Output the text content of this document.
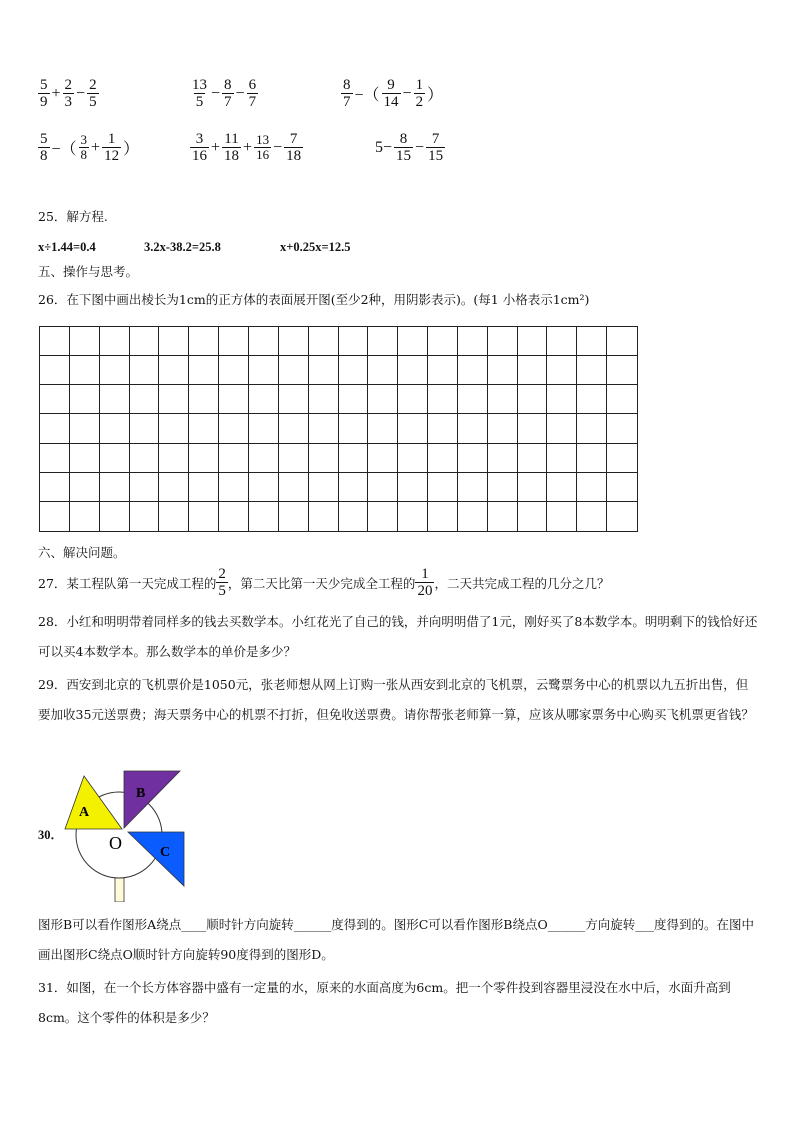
$\frac{5}{9} + \frac{2}{3} - \frac{2}{5}$	$\frac{13}{5} - \frac{8}{7} - \frac{6}{7}$	$\frac{8}{7}$ −（ $\frac{9}{14} - \frac{1}{2}$ ）
$\frac{5}{8}$ −（ $\frac{3}{8} + \frac{1}{12}$ ）	$\frac{3}{16} + \frac{11}{18} + \frac{13}{16} - \frac{7}{18}$	$5- \frac{8}{15} - \frac{7}{15}$
25．解方程.
x÷1.44=0.4	3.2x-38.2=25.8	x+0.25x=12.5
五、操作与思考。
26．在下图中画出棱长为1cm的正方体的表面展开图(至少2种，用阴影表示)。(每1 小格表示1cm²)
六、解决问题。
27．某工程队第一天完成工程的 $\frac{2}{5}$ ，第二天比第一天少完成全工程的 $\frac{1}{20}$ ，二天共完成工程的几分之几？
28．小红和明明带着同样多的钱去买数学本。小红花光了自己的钱，并向明明借了1元，刚好买了8本数学本。明明剩下的钱恰好还可以买4本数学本。那么数学本的单价是多少？
29．西安到北京的飞机票价是1050元，张老师想从网上订购一张从西安到北京的飞机票，云鹭票务中心的机票以九五折出售，但要加收35元送票费；海天票务中心的机票不打折，但免收送票费。请你帮张老师算一算，应该从哪家票务中心购买飞机票更省钱？
30．
A
B
C
O
图形B可以看作图形A绕点____顺时针方向旋转______度得到的。图形C可以看作图形B绕点O______方向旋转___度得到的。在图中画出图形C绕点O顺时针方向旋转90度得到的图形D。
31．如图，在一个长方体容器中盛有一定量的水，原来的水面高度为6cm。把一个零件投到容器里浸没在水中后，水面升高到8cm。这个零件的体积是多少？
